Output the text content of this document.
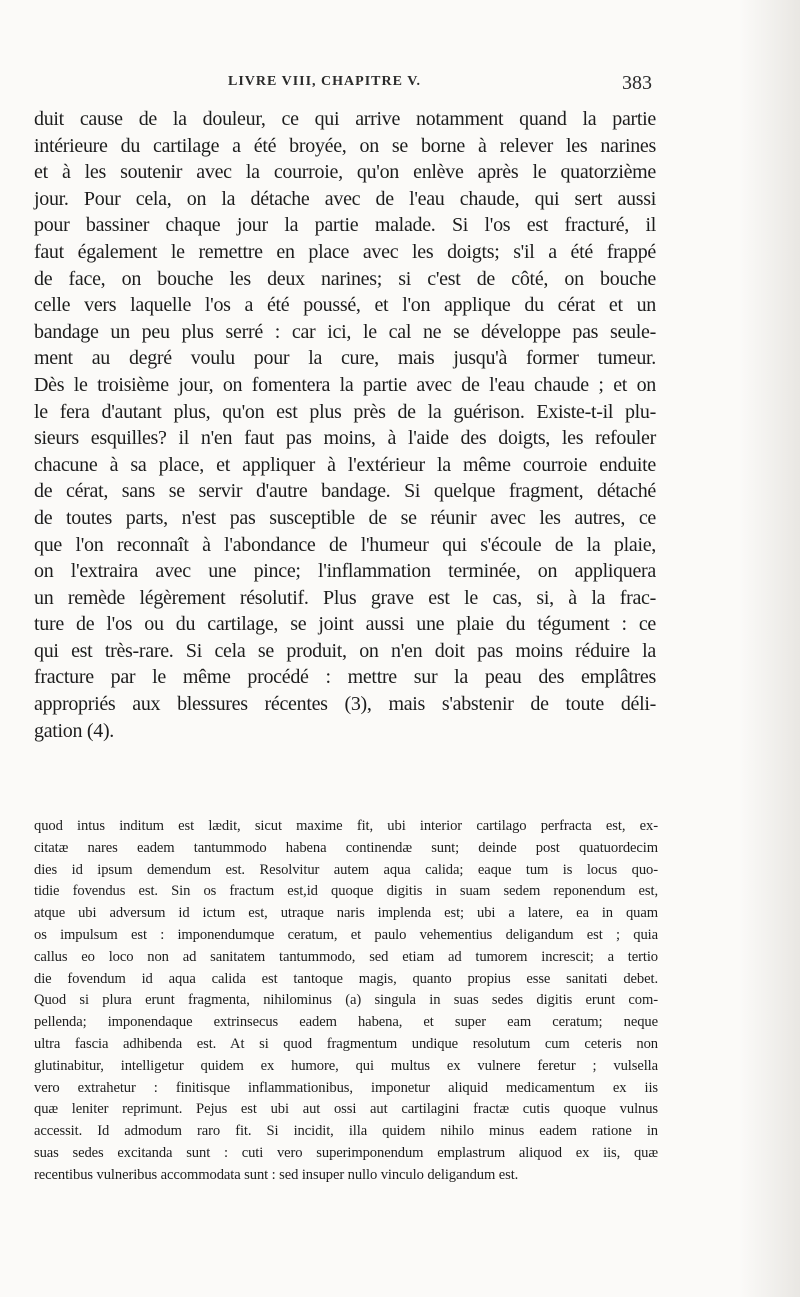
LIVRE VIII, CHAPITRE V.	383
duit cause de la douleur, ce qui arrive notamment quand la partie
intérieure du cartilage a été broyée, on se borne à relever les narines
et à les soutenir avec la courroie, qu'on enlève après le quatorzième
jour. Pour cela, on la détache avec de l'eau chaude, qui sert aussi
pour bassiner chaque jour la partie malade. Si l'os est fracturé, il
faut également le remettre en place avec les doigts; s'il a été frappé
de face, on bouche les deux narines; si c'est de côté, on bouche
celle vers laquelle l'os a été poussé, et l'on applique du cérat et un
bandage un peu plus serré : car ici, le cal ne se développe pas seule-
ment au degré voulu pour la cure, mais jusqu'à former tumeur.
Dès le troisième jour, on fomentera la partie avec de l'eau chaude ; et on
le fera d'autant plus, qu'on est plus près de la guérison. Existe-t-il plu-
sieurs esquilles? il n'en faut pas moins, à l'aide des doigts, les refouler
chacune à sa place, et appliquer à l'extérieur la même courroie enduite
de cérat, sans se servir d'autre bandage. Si quelque fragment, détaché
de toutes parts, n'est pas susceptible de se réunir avec les autres, ce
que l'on reconnaît à l'abondance de l'humeur qui s'écoule de la plaie,
on l'extraira avec une pince; l'inflammation terminée, on appliquera
un remède légèrement résolutif. Plus grave est le cas, si, à la frac-
ture de l'os ou du cartilage, se joint aussi une plaie du tégument : ce
qui est très-rare. Si cela se produit, on n'en doit pas moins réduire la
fracture par le même procédé : mettre sur la peau des emplâtres
appropriés aux blessures récentes (3), mais s'abstenir de toute déli-
gation (4).
quod intus inditum est lædit, sicut maxime fit, ubi interior cartilago perfracta est, ex-
citatæ nares eadem tantummodo habena continendæ sunt; deinde post quatuordecim
dies id ipsum demendum est. Resolvitur autem aqua calida; eaque tum is locus quo-
tidie fovendus est. Sin os fractum est,id quoque digitis in suam sedem reponendum est,
atque ubi adversum id ictum est, utraque naris implenda est; ubi a latere, ea in quam
os impulsum est : imponendumque ceratum, et paulo vehementius deligandum est ; quia
callus eo loco non ad sanitatem tantummodo, sed etiam ad tumorem increscit; a tertio
die fovendum id aqua calida est tantoque magis, quanto propius esse sanitati debet.
Quod si plura erunt fragmenta, nihilominus (a) singula in suas sedes digitis erunt com-
pellenda; imponendaque extrinsecus eadem habena, et super eam ceratum; neque
ultra fascia adhibenda est. At si quod fragmentum undique resolutum cum ceteris non
glutinabitur, intelligetur quidem ex humore, qui multus ex vulnere feretur ; vulsella
vero extrahetur : finitisque inflammationibus, imponetur aliquid medicamentum ex iis
quæ leniter reprimunt. Pejus est ubi aut ossi aut cartilagini fractæ cutis quoque vulnus
accessit. Id admodum raro fit. Si incidit, illa quidem nihilo minus eadem ratione in
suas sedes excitanda sunt : cuti vero superimponendum emplastrum aliquod ex iis, quæ
recentibus vulneribus accommodata sunt : sed insuper nullo vinculo deligandum est.
